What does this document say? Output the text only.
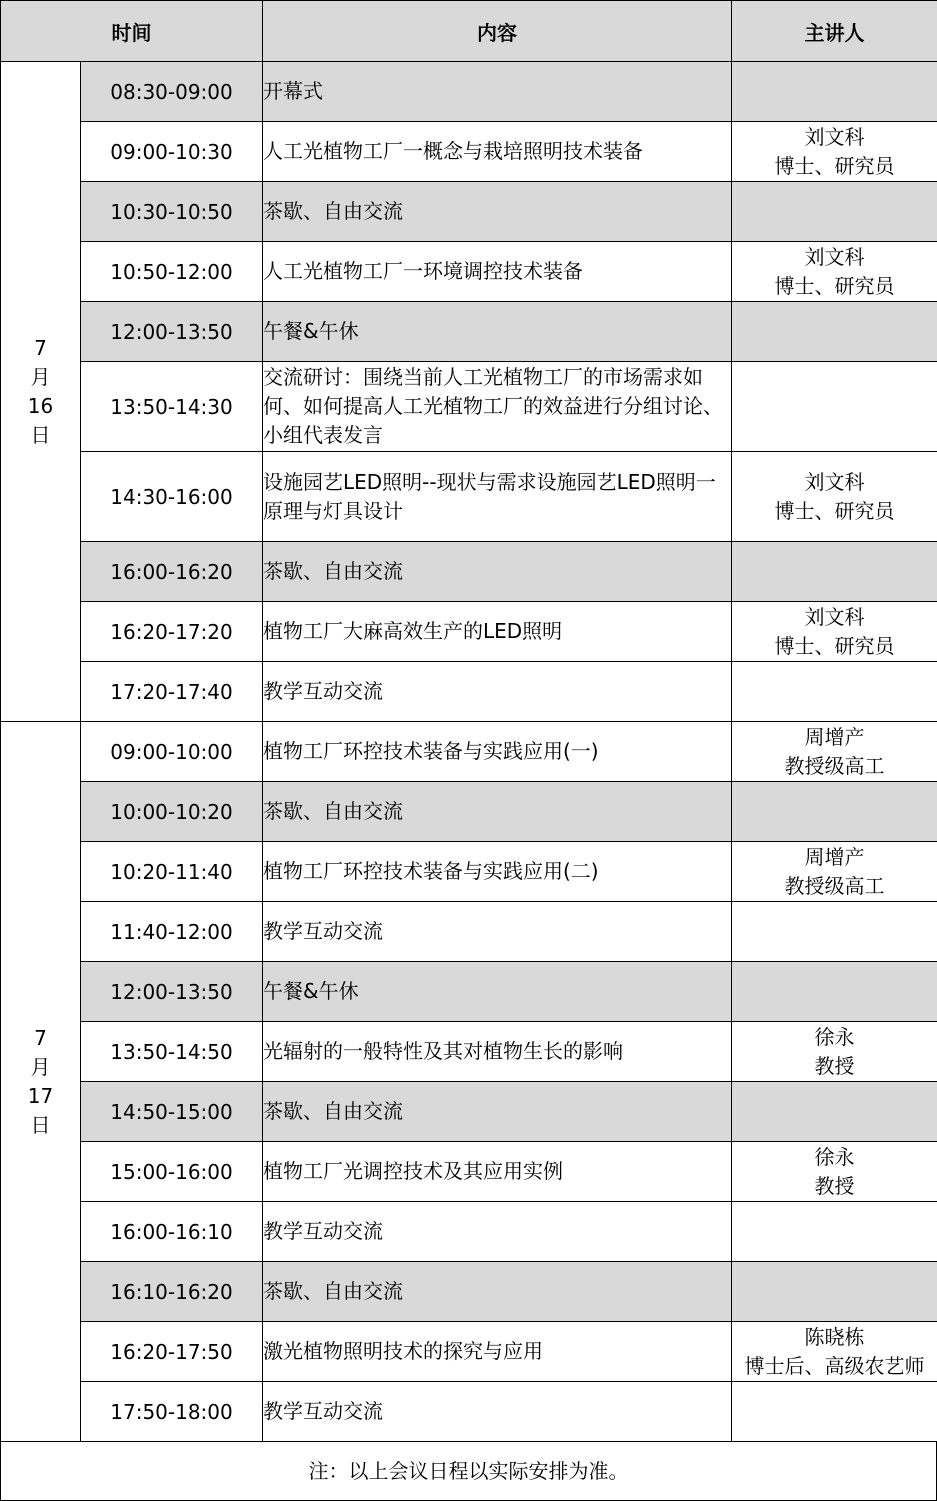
时间		内容	主讲人

7
月
16
日	08:30-09:00	开幕式	
	09:00-10:30	人工光植物工厂一概念与栽培照明技术装备	刘文科
博士、研究员

	10:30-10:50	茶歇、自由交流	
	10:50-12:00	人工光植物工厂一环境调控技术装备	刘文科
博士、研究员

	12:00-13:50	午餐&午休	
	13:50-14:30	交流研讨：围绕当前人工光植物工厂的市场需求如何、如何提高人工光植物工厂的效益进行分组讨论、小组代表发言	
	14:30-16:00	设施园艺LED照明--现状与需求设施园艺LED照明一原理与灯具设计	刘文科
博士、研究员

	16:00-16:20	茶歇、自由交流	
	16:20-17:20	植物工厂大麻高效生产的LED照明	刘文科
博士、研究员

	17:20-17:40	教学互动交流	

7
月
17
日	09:00-10:00	植物工厂环控技术装备与实践应用(一)	周增产
教授级高工

	10:00-10:20	茶歇、自由交流	
	10:20-11:40	植物工厂环控技术装备与实践应用(二)	周增产
教授级高工

	11:40-12:00	教学互动交流	
	12:00-13:50	午餐&午休	
	13:50-14:50	光辐射的一般特性及其对植物生长的影响	徐永
教授

	14:50-15:00	茶歇、自由交流	
	15:00-16:00	植物工厂光调控技术及其应用实例	徐永
教授

	16:00-16:10	教学互动交流	
	16:10-16:20	茶歇、自由交流	
	16:20-17:50	激光植物照明技术的探究与应用	陈晓栋
博士后、高级农艺师

	17:50-18:00	教学互动交流	
注：以上会议日程以实际安排为准。
